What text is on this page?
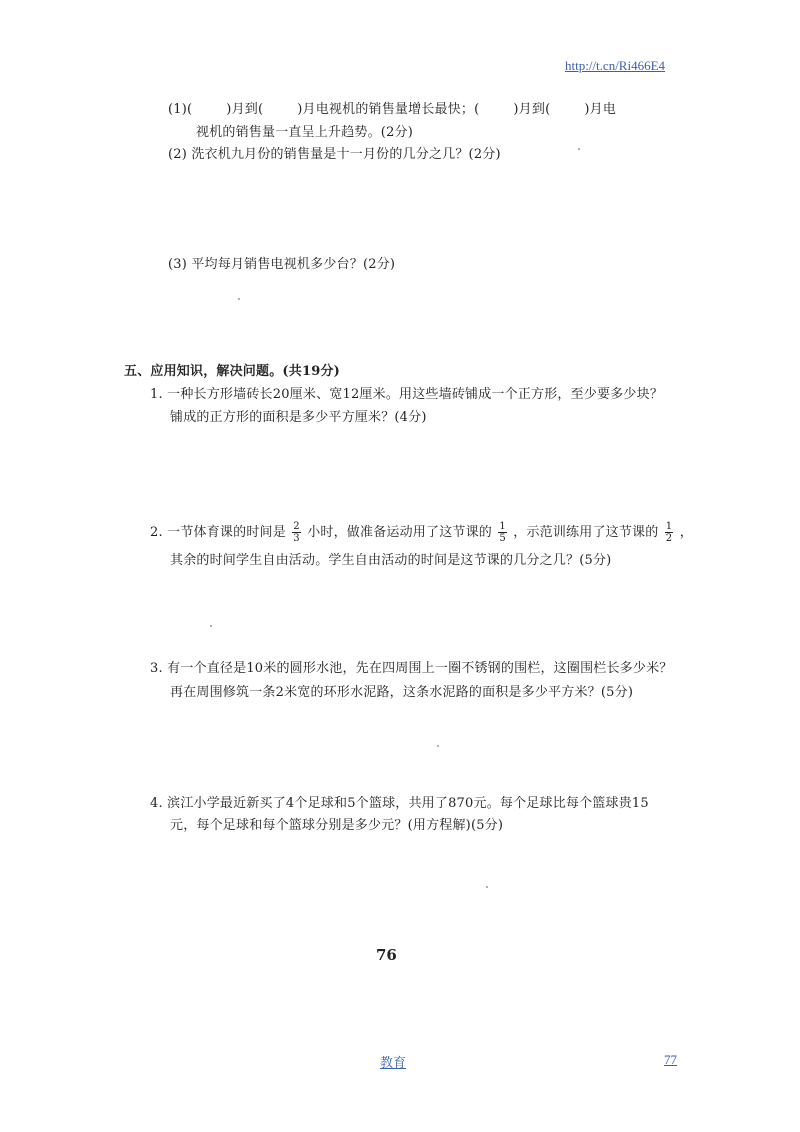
http://t.cn/Ri466E4
(1)(	)月到(	)月电视机的销售量增长最快；(	)月到(	)月电
视机的销售量一直呈上升趋势。(2分)
(2) 洗衣机九月份的销售量是十一月份的几分之几？(2分)
(3) 平均每月销售电视机多少台？(2分)
五、应用知识，解决问题。(共19分)
1. 一种长方形墙砖长20厘米、宽12厘米。用这些墙砖铺成一个正方形，至少要多少块？
铺成的正方形的面积是多少平方厘米？(4分)
2. 一节体育课的时间是 $\frac{2}{3}$ 小时，做准备运动用了这节课的 $\frac{1}{5}$ ，示范训练用了这节课的 $\frac{1}{2}$ ，
其余的时间学生自由活动。学生自由活动的时间是这节课的几分之几？(5分)
3. 有一个直径是10米的圆形水池，先在四周围上一圈不锈钢的围栏，这圈围栏长多少米？
再在周围修筑一条2米宽的环形水泥路，这条水泥路的面积是多少平方米？(5分)
4. 滨江小学最近新买了4个足球和5个篮球，共用了870元。每个足球比每个篮球贵15
元，每个足球和每个篮球分别是多少元？(用方程解)(5分)
76
教育	77
